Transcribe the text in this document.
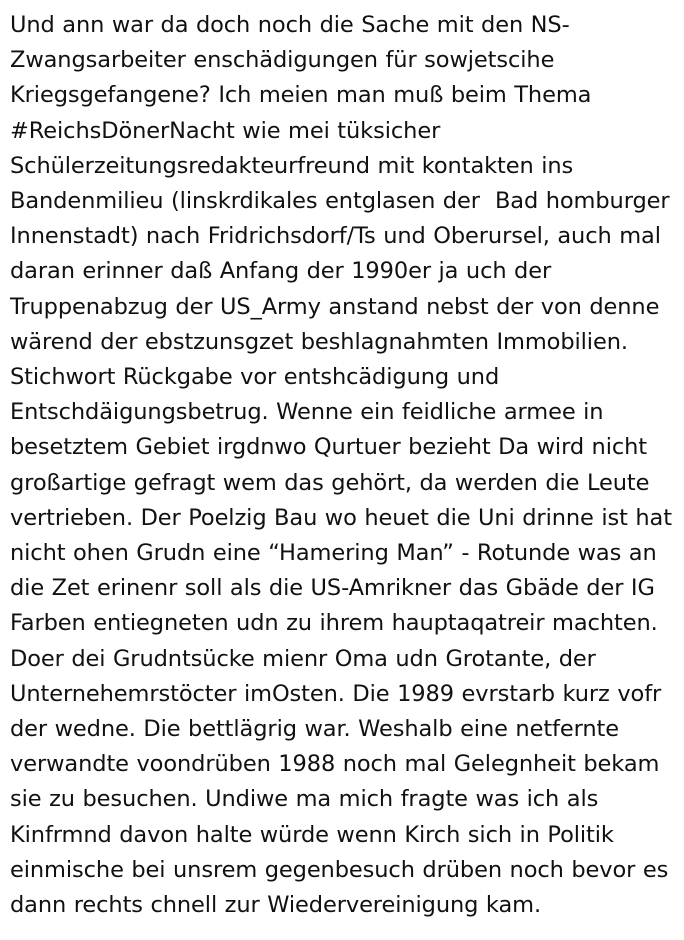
Und ann war da doch noch die Sache mit den NS-Zwangsarbeiter enschädigungen für sowjetscihe Kriegsgefangene? Ich meien man muß beim Thema #ReichsDönerNacht wie mei tüksicher Schülerzeitungsredakteurfreund mit kontakten ins Bandenmilieu (linskrdikales entglasen der  Bad homburger Innenstadt) nach Fridrichsdorf/Ts und Oberursel, auch mal daran erinner daß Anfang der 1990er ja uch der Truppenabzug der US_Army anstand nebst der von denne wärend der ebstzunsgzet beshlagnahmten Immobilien. Stichwort Rückgabe vor entshcädigung und Entschdäigungsbetrug. Wenne ein feidliche armee in besetztem Gebiet irgdnwo Qurtuer bezieht Da wird nicht großartige gefragt wem das gehört, da werden die Leute vertrieben. Der Poelzig Bau wo heuet die Uni drinne ist hat nicht ohen Grudn eine “Hamering Man” - Rotunde was an die Zet erinenr soll als die US-Amrikner das Gbäde der IG Farben entiegneten udn zu ihrem hauptaqatreir machten. Doer dei Grudntsücke mienr Oma udn Grotante, der Unternehemrstöcter imOsten. Die 1989 evrstarb kurz vofr der wedne. Die bettlägrig war. Weshalb eine netfernte verwandte voondrüben 1988 noch mal Gelegnheit bekam sie zu besuchen. Undiwe ma mich fragte was ich als Kinfrmnd davon halte würde wenn Kirch sich in Politik einmische bei unsrem gegenbesuch drüben noch bevor es dann rechts chnell zur Wiedervereinigung kam.
